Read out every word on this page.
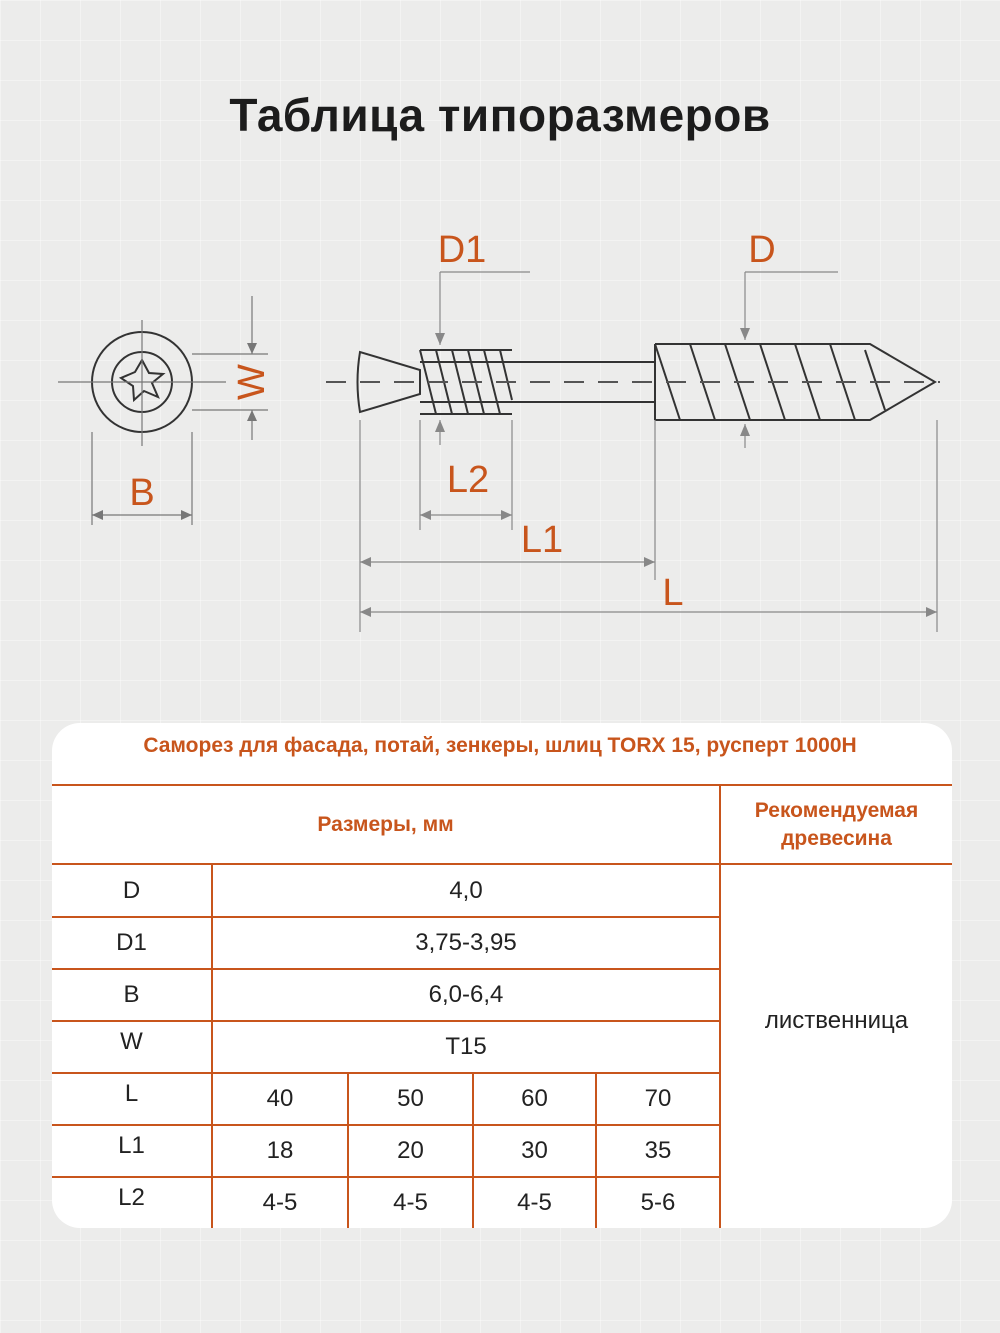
Таблица типоразмеров
D1	D
W
B	L2
L1
L
Саморез для фасада, потай, зенкеры, шлиц TORX 15, русперт 1000Н
Размеры, мм
Рекомендуемая
древесина
D	4,0
D1	3,75-3,95
B	6,0-6,4
W	T15
L	40	50	60	70
L1	18	20	30	35
L2	4-5	4-5	4-5	5-6
лиственница
